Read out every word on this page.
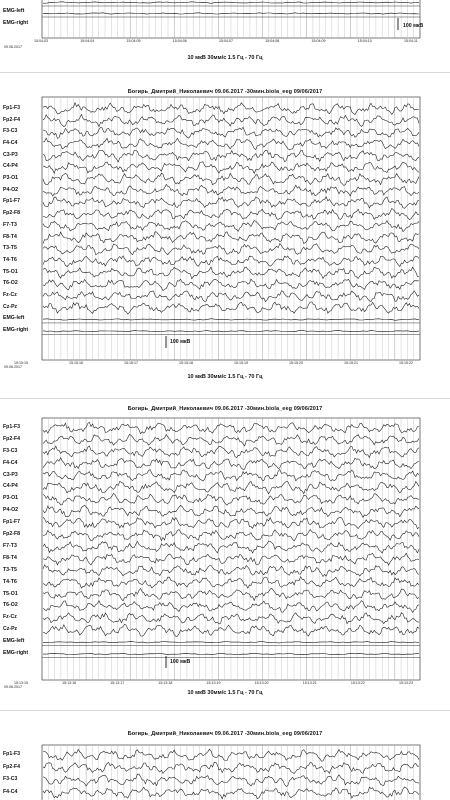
EMG-left
EMG-right
09.06.2017
100 мкВ
10 мкВ 30мм/с 1.5 Гц - 70 Гц
15:04:03	15:04:04	15:04:05	15:04:06	15:04:07	15:04:08	15:04:09	15:04:10	15:04:11
Богирь_Дмитрий_Николаевич 09.06.2017 -30мин.biola_eeg 09/06/2017
10 мкВ 30мм/с 1.5 Гц - 70 Гц
09.06.2017
100 мкВ
Fp1-F3
Fp2-F4
F3-C3
F4-C4
C3-P3
C4-P4
P3-O1
P4-O2
Fp1-F7
Fp2-F8
F7-T3
F8-T4
T3-T5
T4-T6
T5-O1
T6-O2
Fz-Cz
Cz-Pz
EMG-left
EMG-right
15:15:15	15:15:16	15:15:17	15:15:18	15:15:19	15:15:20	15:15:21	15:15:22
Богирь_Дмитрий_Николаевич 09.06.2017 -30мин.biola_eeg 09/06/2017
10 мкВ 30мм/с 1.5 Гц - 70 Гц
09.06.2017
100 мкВ
Fp1-F3
Fp2-F4
F3-C3
F4-C4
C3-P3
C4-P4
P3-O1
P4-O2
Fp1-F7
Fp2-F8
F7-T3
F8-T4
T3-T5
T4-T6
T5-O1
T6-O2
Fz-Cz
Cz-Pz
EMG-left
EMG-right
15:13:15	15:13:16	15:13:17	15:13:18	15:13:19	15:13:20	15:13:21	15:13:22	15:13:23
Богирь_Дмитрий_Николаевич 09.06.2017 -30мин.biola_eeg 09/06/2017
Fp1-F3
Fp2-F4
F3-C3
F4-C4
